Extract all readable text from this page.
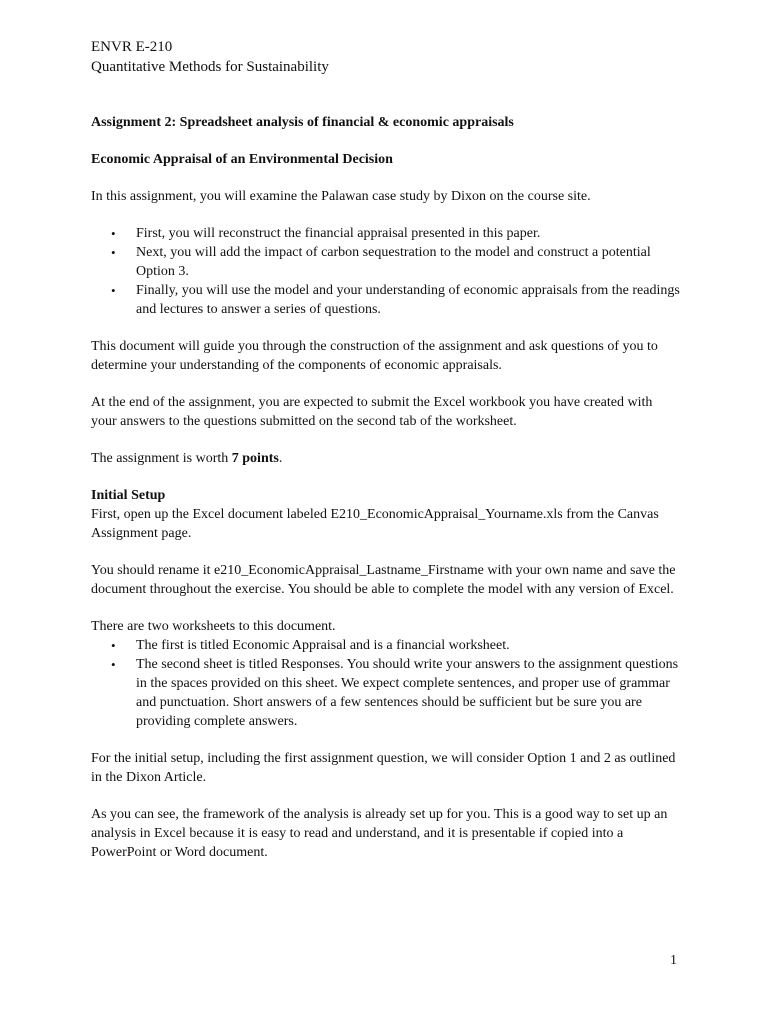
ENVR E-210
Quantitative Methods for Sustainability

Assignment 2: Spreadsheet analysis of financial & economic appraisals

Economic Appraisal of an Environmental Decision

In this assignment, you will examine the Palawan case study by Dixon on the course site.

• First, you will reconstruct the financial appraisal presented in this paper.
• Next, you will add the impact of carbon sequestration to the model and construct a potential Option 3.
• Finally, you will use the model and your understanding of economic appraisals from the readings and lectures to answer a series of questions.

This document will guide you through the construction of the assignment and ask questions of you to determine your understanding of the components of economic appraisals.

At the end of the assignment, you are expected to submit the Excel workbook you have created with your answers to the questions submitted on the second tab of the worksheet.

The assignment is worth 7 points.

Initial Setup

First, open up the Excel document labeled E210_EconomicAppraisal_Yourname.xls from the Canvas Assignment page.

You should rename it e210_EconomicAppraisal_Lastname_Firstname with your own name and save the document throughout the exercise. You should be able to complete the model with any version of Excel.

There are two worksheets to this document.

• The first is titled Economic Appraisal and is a financial worksheet.
• The second sheet is titled Responses. You should write your answers to the assignment questions in the spaces provided on this sheet. We expect complete sentences, and proper use of grammar and punctuation. Short answers of a few sentences should be sufficient but be sure you are providing complete answers.

For the initial setup, including the first assignment question, we will consider Option 1 and 2 as outlined in the Dixon Article.

As you can see, the framework of the analysis is already set up for you. This is a good way to set up an analysis in Excel because it is easy to read and understand, and it is presentable if copied into a PowerPoint or Word document.

1
